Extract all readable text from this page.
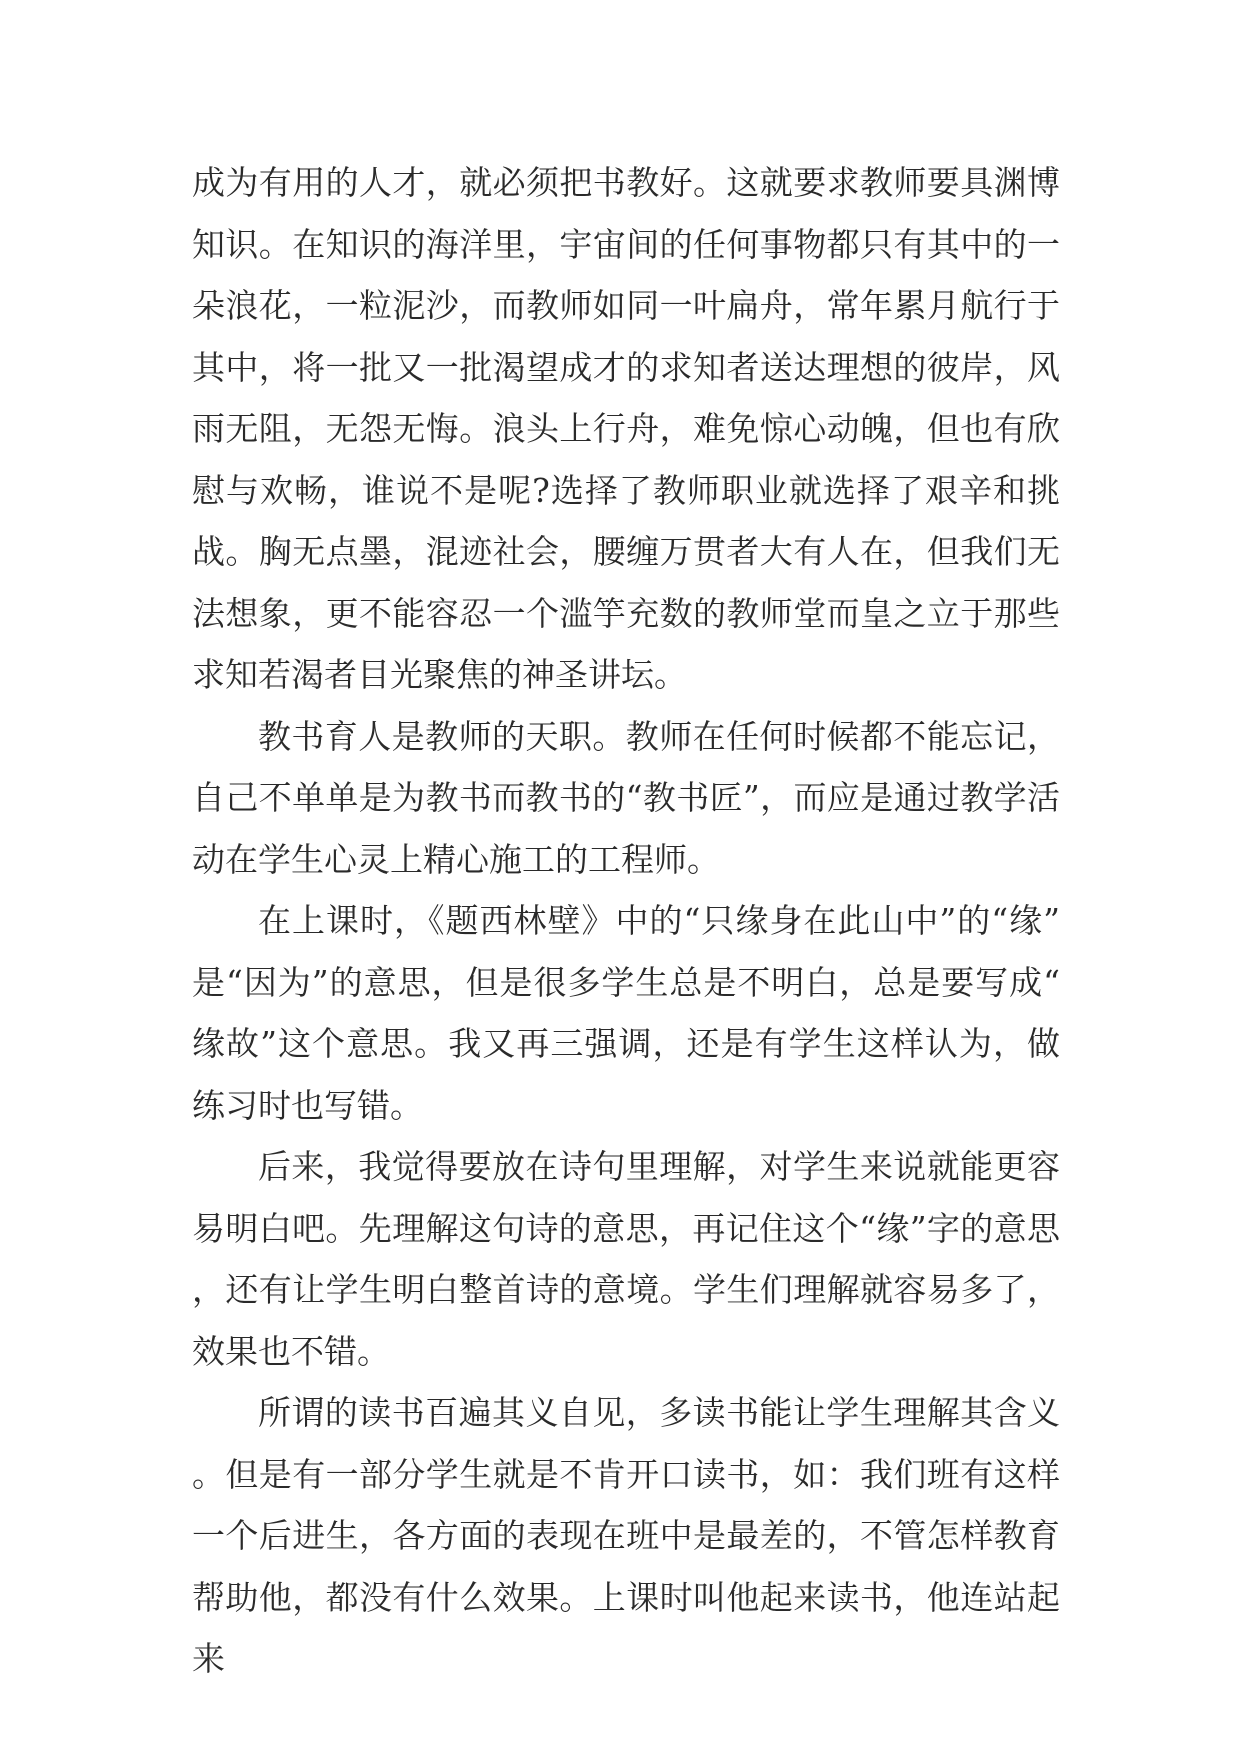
成为有用的人才，就必须把书教好。这就要求教师要具渊博知识。在知识的海洋里，宇宙间的任何事物都只有其中的一朵浪花，一粒泥沙，而教师如同一叶扁舟，常年累月航行于其中，将一批又一批渴望成才的求知者送达理想的彼岸，风雨无阻，无怨无悔。浪头上行舟，难免惊心动魄，但也有欣慰与欢畅，谁说不是呢?选择了教师职业就选择了艰辛和挑战。胸无点墨，混迹社会，腰缠万贯者大有人在，但我们无法想象，更不能容忍一个滥竽充数的教师堂而皇之立于那些求知若渴者目光聚焦的神圣讲坛。

教书育人是教师的天职。教师在任何时候都不能忘记，自己不单单是为教书而教书的“教书匠”，而应是通过教学活动在学生心灵上精心施工的工程师。

在上课时，《题西林壁》中的“只缘身在此山中”的“缘”是“因为”的意思，但是很多学生总是不明白，总是要写成“缘故”这个意思。我又再三强调，还是有学生这样认为，做练习时也写错。

后来，我觉得要放在诗句里理解，对学生来说就能更容易明白吧。先理解这句诗的意思，再记住这个“缘”字的意思，还有让学生明白整首诗的意境。学生们理解就容易多了，效果也不错。

所谓的读书百遍其义自见，多读书能让学生理解其含义。但是有一部分学生就是不肯开口读书，如：我们班有这样一个后进生，各方面的表现在班中是最差的，不管怎样教育帮助他，都没有什么效果。上课时叫他起来读书，他连站起来
